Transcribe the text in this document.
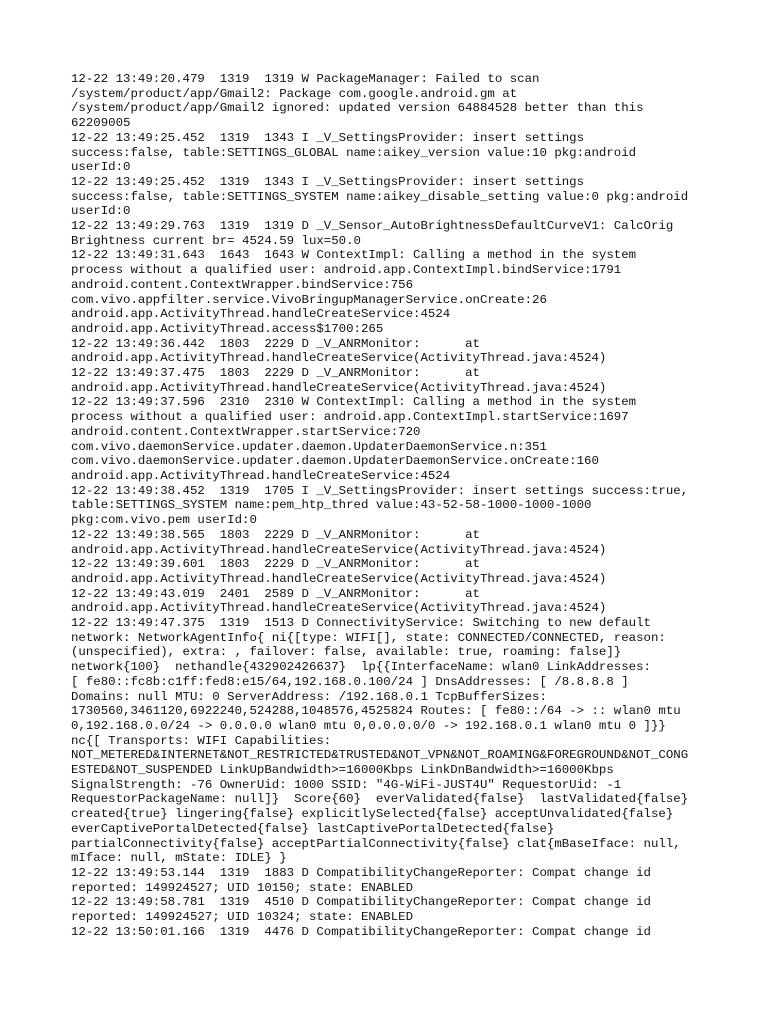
12-22 13:49:20.479  1319  1319 W PackageManager: Failed to scan
/system/product/app/Gmail2: Package com.google.android.gm at
/system/product/app/Gmail2 ignored: updated version 64884528 better than this
62209005
12-22 13:49:25.452  1319  1343 I _V_SettingsProvider: insert settings
success:false, table:SETTINGS_GLOBAL name:aikey_version value:10 pkg:android
userId:0
12-22 13:49:25.452  1319  1343 I _V_SettingsProvider: insert settings
success:false, table:SETTINGS_SYSTEM name:aikey_disable_setting value:0 pkg:android
userId:0
12-22 13:49:29.763  1319  1319 D _V_Sensor_AutoBrightnessDefaultCurveV1: CalcOrig
Brightness current br= 4524.59 lux=50.0
12-22 13:49:31.643  1643  1643 W ContextImpl: Calling a method in the system
process without a qualified user: android.app.ContextImpl.bindService:1791
android.content.ContextWrapper.bindService:756
com.vivo.appfilter.service.VivoBringupManagerService.onCreate:26
android.app.ActivityThread.handleCreateService:4524
android.app.ActivityThread.access$1700:265
12-22 13:49:36.442  1803  2229 D _V_ANRMonitor:      at
android.app.ActivityThread.handleCreateService(ActivityThread.java:4524)
12-22 13:49:37.475  1803  2229 D _V_ANRMonitor:      at
android.app.ActivityThread.handleCreateService(ActivityThread.java:4524)
12-22 13:49:37.596  2310  2310 W ContextImpl: Calling a method in the system
process without a qualified user: android.app.ContextImpl.startService:1697
android.content.ContextWrapper.startService:720
com.vivo.daemonService.updater.daemon.UpdaterDaemonService.n:351
com.vivo.daemonService.updater.daemon.UpdaterDaemonService.onCreate:160
android.app.ActivityThread.handleCreateService:4524
12-22 13:49:38.452  1319  1705 I _V_SettingsProvider: insert settings success:true,
table:SETTINGS_SYSTEM name:pem_htp_thred value:43-52-58-1000-1000-1000
pkg:com.vivo.pem userId:0
12-22 13:49:38.565  1803  2229 D _V_ANRMonitor:      at
android.app.ActivityThread.handleCreateService(ActivityThread.java:4524)
12-22 13:49:39.601  1803  2229 D _V_ANRMonitor:      at
android.app.ActivityThread.handleCreateService(ActivityThread.java:4524)
12-22 13:49:43.019  2401  2589 D _V_ANRMonitor:      at
android.app.ActivityThread.handleCreateService(ActivityThread.java:4524)
12-22 13:49:47.375  1319  1513 D ConnectivityService: Switching to new default
network: NetworkAgentInfo{ ni{[type: WIFI[], state: CONNECTED/CONNECTED, reason:
(unspecified), extra: , failover: false, available: true, roaming: false]}
network{100}  nethandle{432902426637}  lp{{InterfaceName: wlan0 LinkAddresses:
[ fe80::fc8b:c1ff:fed8:e15/64,192.168.0.100/24 ] DnsAddresses: [ /8.8.8.8 ]
Domains: null MTU: 0 ServerAddress: /192.168.0.1 TcpBufferSizes:
1730560,3461120,6922240,524288,1048576,4525824 Routes: [ fe80::/64 -> :: wlan0 mtu
0,192.168.0.0/24 -> 0.0.0.0 wlan0 mtu 0,0.0.0.0/0 -> 192.168.0.1 wlan0 mtu 0 ]}}
nc{[ Transports: WIFI Capabilities:
NOT_METERED&INTERNET&NOT_RESTRICTED&TRUSTED&NOT_VPN&NOT_ROAMING&FOREGROUND&NOT_CONG
ESTED&NOT_SUSPENDED LinkUpBandwidth>=16000Kbps LinkDnBandwidth>=16000Kbps
SignalStrength: -76 OwnerUid: 1000 SSID: "4G-WiFi-JUST4U" RequestorUid: -1
RequestorPackageName: null]}  Score{60}  everValidated{false}  lastValidated{false}
created{true} lingering{false} explicitlySelected{false} acceptUnvalidated{false}
everCaptivePortalDetected{false} lastCaptivePortalDetected{false}
partialConnectivity{false} acceptPartialConnectivity{false} clat{mBaseIface: null,
mIface: null, mState: IDLE} }
12-22 13:49:53.144  1319  1883 D CompatibilityChangeReporter: Compat change id
reported: 149924527; UID 10150; state: ENABLED
12-22 13:49:58.781  1319  4510 D CompatibilityChangeReporter: Compat change id
reported: 149924527; UID 10324; state: ENABLED
12-22 13:50:01.166  1319  4476 D CompatibilityChangeReporter: Compat change id
